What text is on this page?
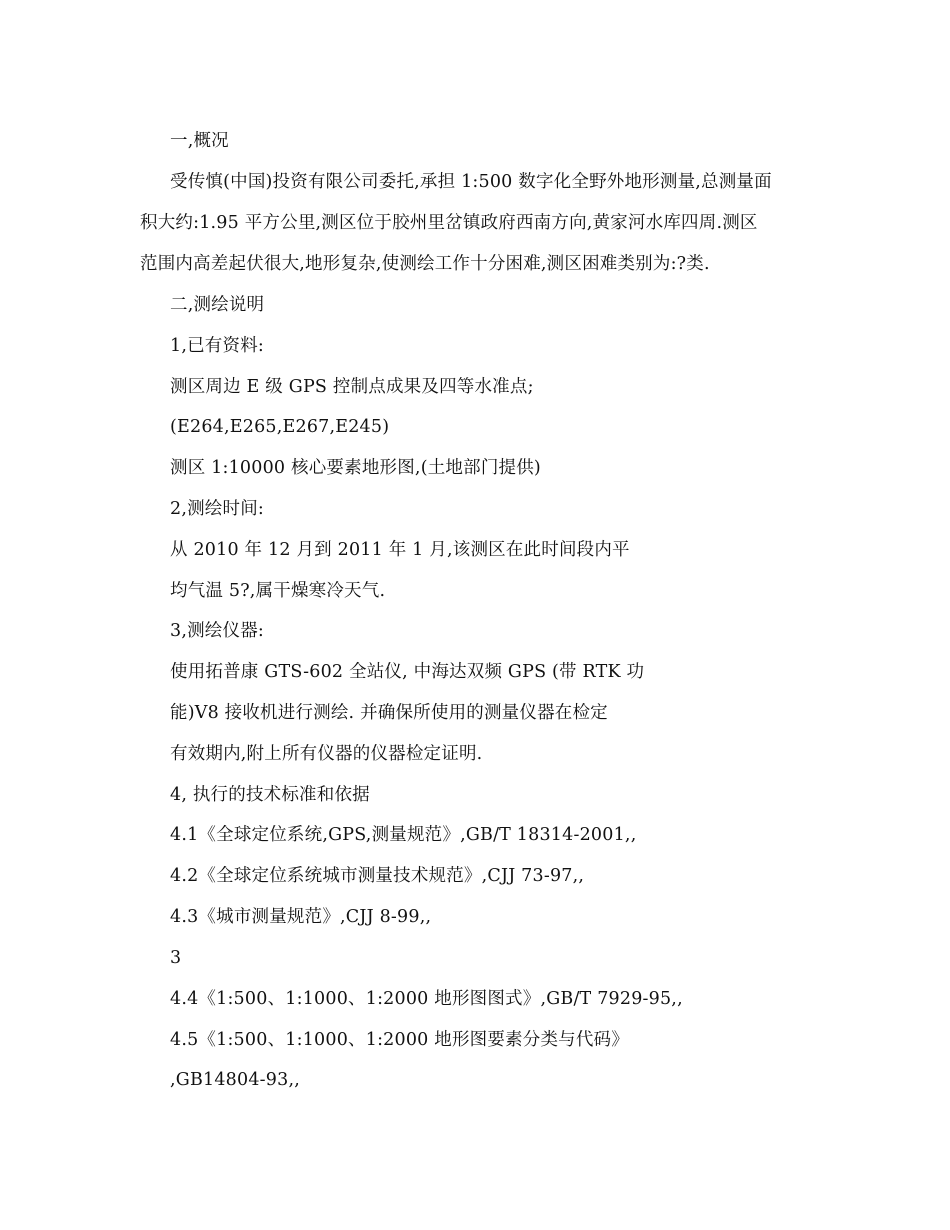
一,概况
受传慎(中国)投资有限公司委托,承担 1:500 数字化全野外地形测量,总测量面
积大约:1.95 平方公里,测区位于胶州里岔镇政府西南方向,黄家河水库四周.测区
范围内高差起伏很大,地形复杂,使测绘工作十分困难,测区困难类别为:?类.
二,测绘说明
1,已有资料:
测区周边 E 级 GPS 控制点成果及四等水准点;
(E264,E265,E267,E245)
测区 1:10000 核心要素地形图,(土地部门提供)
2,测绘时间:
从 2010 年 12 月到 2011 年 1 月,该测区在此时间段内平
均气温 5?,属干燥寒冷天气.
3,测绘仪器:
使用拓普康 GTS-602 全站仪, 中海达双频 GPS (带 RTK 功
能)V8 接收机进行测绘. 并确保所使用的测量仪器在检定
有效期内,附上所有仪器的仪器检定证明.
4, 执行的技术标准和依据
4.1《全球定位系统,GPS,测量规范》,GB/T 18314-2001,,
4.2《全球定位系统城市测量技术规范》,CJJ 73-97,,
4.3《城市测量规范》,CJJ 8-99,,
3
4.4《1:500、1:1000、1:2000 地形图图式》,GB/T 7929-95,,
4.5《1:500、1:1000、1:2000 地形图要素分类与代码》
,GB14804-93,,
